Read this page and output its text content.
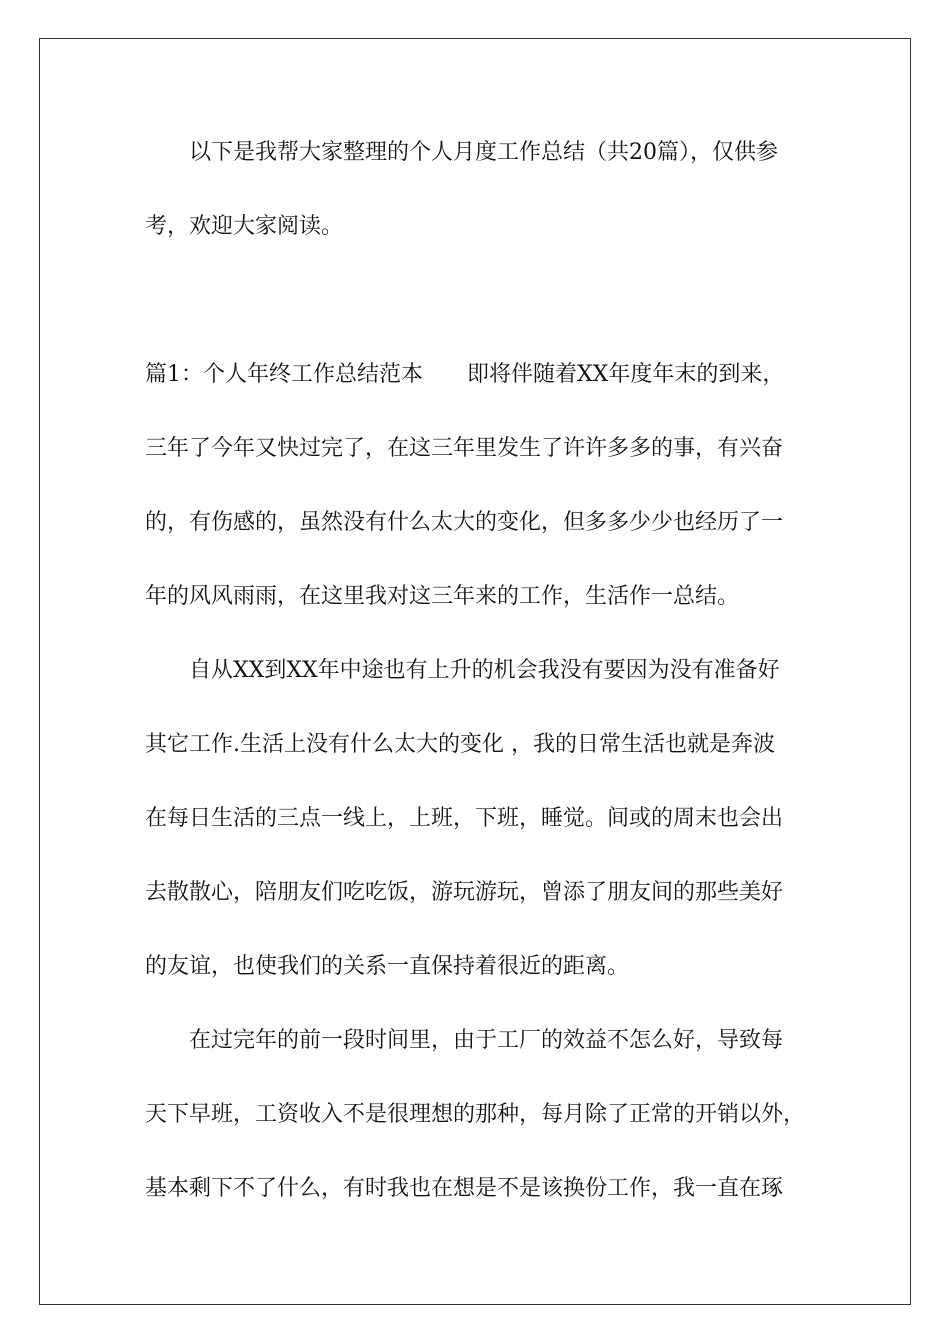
以下是我帮大家整理的个人月度工作总结（共20篇），仅供参
考，欢迎大家阅读。
篇1：个人年终工作总结范本　　即将伴随着XX年度年末的到来，
三年了今年又快过完了，在这三年里发生了许许多多的事，有兴奋
的，有伤感的，虽然没有什么太大的变化，但多多少少也经历了一
年的风风雨雨，在这里我对这三年来的工作，生活作一总结。
自从XX到XX年中途也有上升的机会我没有要因为没有准备好
其它工作.生活上没有什么太大的变化 ，我的日常生活也就是奔波
在每日生活的三点一线上，上班，下班，睡觉。间或的周末也会出
去散散心，陪朋友们吃吃饭，游玩游玩，曾添了朋友间的那些美好
的友谊，也使我们的关系一直保持着很近的距离。
在过完年的前一段时间里，由于工厂的效益不怎么好，导致每
天下早班，工资收入不是很理想的那种，每月除了正常的开销以外，
基本剩下不了什么，有时我也在想是不是该换份工作，我一直在琢
